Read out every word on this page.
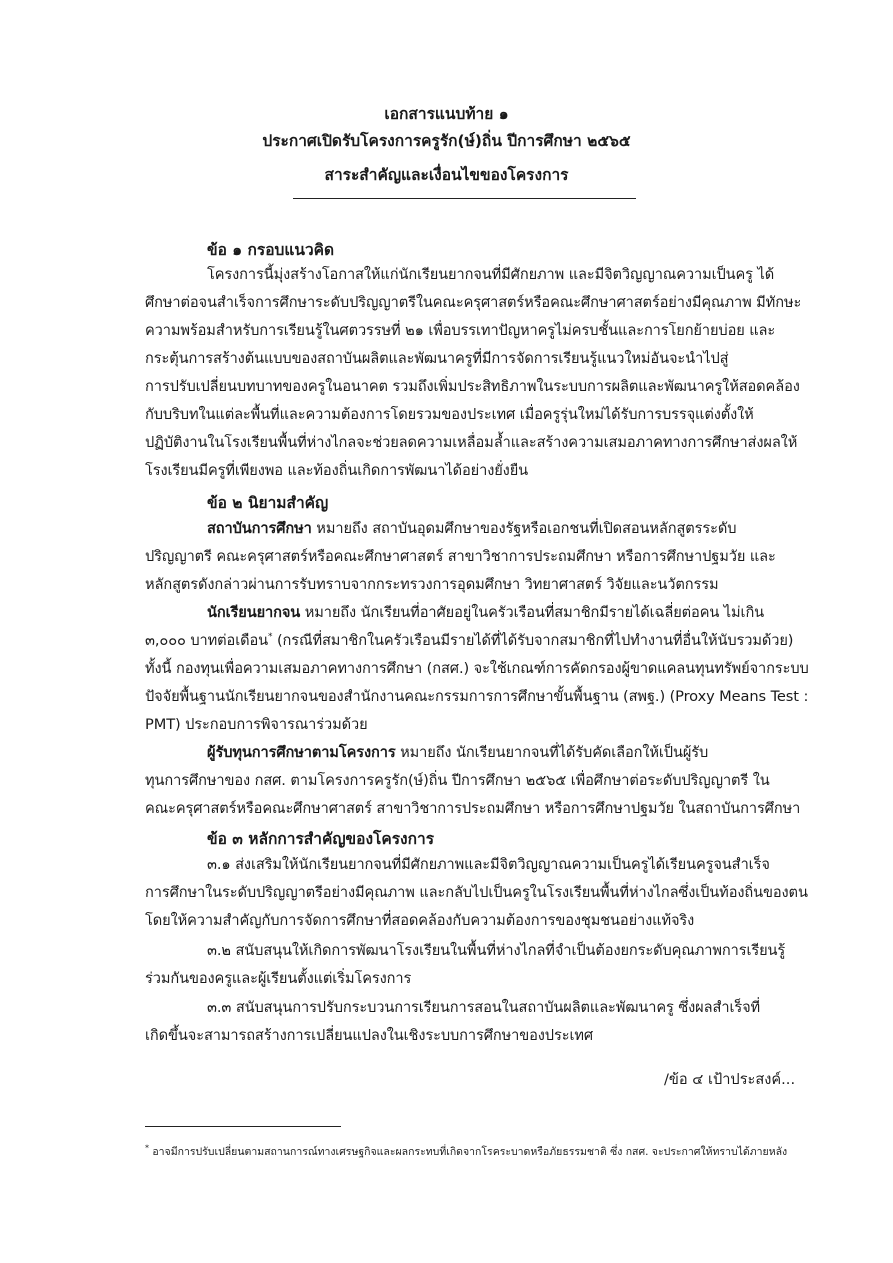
เอกสารแนบท้าย ๑
ประกาศเปิดรับโครงการครูรัก(ษ์)ถิ่น ปีการศึกษา ๒๕๖๕
สาระสำคัญและเงื่อนไขของโครงการ
ข้อ ๑ กรอบแนวคิด
โครงการนี้มุ่งสร้างโอกาสให้แก่นักเรียนยากจนที่มีศักยภาพ และมีจิตวิญญาณความเป็นครู ได้
ศึกษาต่อจนสำเร็จการศึกษาระดับปริญญาตรีในคณะครุศาสตร์หรือคณะศึกษาศาสตร์อย่างมีคุณภาพ มีทักษะ
ความพร้อมสำหรับการเรียนรู้ในศตวรรษที่ ๒๑ เพื่อบรรเทาปัญหาครูไม่ครบชั้นและการโยกย้ายบ่อย และ
กระตุ้นการสร้างต้นแบบของสถาบันผลิตและพัฒนาครูที่มีการจัดการเรียนรู้แนวใหม่อันจะนำไปสู่
การปรับเปลี่ยนบทบาทของครูในอนาคต รวมถึงเพิ่มประสิทธิภาพในระบบการผลิตและพัฒนาครูให้สอดคล้อง
กับบริบทในแต่ละพื้นที่และความต้องการโดยรวมของประเทศ เมื่อครูรุ่นใหม่ได้รับการบรรจุแต่งตั้งให้
ปฏิบัติงานในโรงเรียนพื้นที่ห่างไกลจะช่วยลดความเหลื่อมล้ำและสร้างความเสมอภาคทางการศึกษาส่งผลให้
โรงเรียนมีครูที่เพียงพอ และท้องถิ่นเกิดการพัฒนาได้อย่างยั่งยืน
ข้อ ๒ นิยามสำคัญ
สถาบันการศึกษา หมายถึง สถาบันอุดมศึกษาของรัฐหรือเอกชนที่เปิดสอนหลักสูตรระดับ
ปริญญาตรี คณะครุศาสตร์หรือคณะศึกษาศาสตร์ สาขาวิชาการประถมศึกษา หรือการศึกษาปฐมวัย และ
หลักสูตรดังกล่าวผ่านการรับทราบจากกระทรวงการอุดมศึกษา วิทยาศาสตร์ วิจัยและนวัตกรรม
นักเรียนยากจน หมายถึง นักเรียนที่อาศัยอยู่ในครัวเรือนที่สมาชิกมีรายได้เฉลี่ยต่อคน ไม่เกิน
๓,๐๐๐ บาทต่อเดือน* (กรณีที่สมาชิกในครัวเรือนมีรายได้ที่ได้รับจากสมาชิกที่ไปทำงานที่อื่นให้นับรวมด้วย)
ทั้งนี้ กองทุนเพื่อความเสมอภาคทางการศึกษา (กสศ.) จะใช้เกณฑ์การคัดกรองผู้ขาดแคลนทุนทรัพย์จากระบบ
ปัจจัยพื้นฐานนักเรียนยากจนของสำนักงานคณะกรรมการการศึกษาขั้นพื้นฐาน (สพฐ.) (Proxy Means Test :
PMT) ประกอบการพิจารณาร่วมด้วย
ผู้รับทุนการศึกษาตามโครงการ หมายถึง นักเรียนยากจนที่ได้รับคัดเลือกให้เป็นผู้รับ
ทุนการศึกษาของ กสศ. ตามโครงการครูรัก(ษ์)ถิ่น ปีการศึกษา ๒๕๖๕ เพื่อศึกษาต่อระดับปริญญาตรี ใน
คณะครุศาสตร์หรือคณะศึกษาศาสตร์ สาขาวิชาการประถมศึกษา หรือการศึกษาปฐมวัย ในสถาบันการศึกษา
ข้อ ๓ หลักการสำคัญของโครงการ
๓.๑ ส่งเสริมให้นักเรียนยากจนที่มีศักยภาพและมีจิตวิญญาณความเป็นครูได้เรียนครูจนสำเร็จ
การศึกษาในระดับปริญญาตรีอย่างมีคุณภาพ และกลับไปเป็นครูในโรงเรียนพื้นที่ห่างไกลซึ่งเป็นท้องถิ่นของตน
โดยให้ความสำคัญกับการจัดการศึกษาที่สอดคล้องกับความต้องการของชุมชนอย่างแท้จริง
๓.๒ สนับสนุนให้เกิดการพัฒนาโรงเรียนในพื้นที่ห่างไกลที่จำเป็นต้องยกระดับคุณภาพการเรียนรู้
ร่วมกันของครูและผู้เรียนตั้งแต่เริ่มโครงการ
๓.๓ สนับสนุนการปรับกระบวนการเรียนการสอนในสถาบันผลิตและพัฒนาครู ซึ่งผลสำเร็จที่
เกิดขึ้นจะสามารถสร้างการเปลี่ยนแปลงในเชิงระบบการศึกษาของประเทศ
/ข้อ ๔ เป้าประสงค์...
* อาจมีการปรับเปลี่ยนตามสถานการณ์ทางเศรษฐกิจและผลกระทบที่เกิดจากโรคระบาดหรือภัยธรรมชาติ ซึ่ง กสศ. จะประกาศให้ทราบได้ภายหลัง
